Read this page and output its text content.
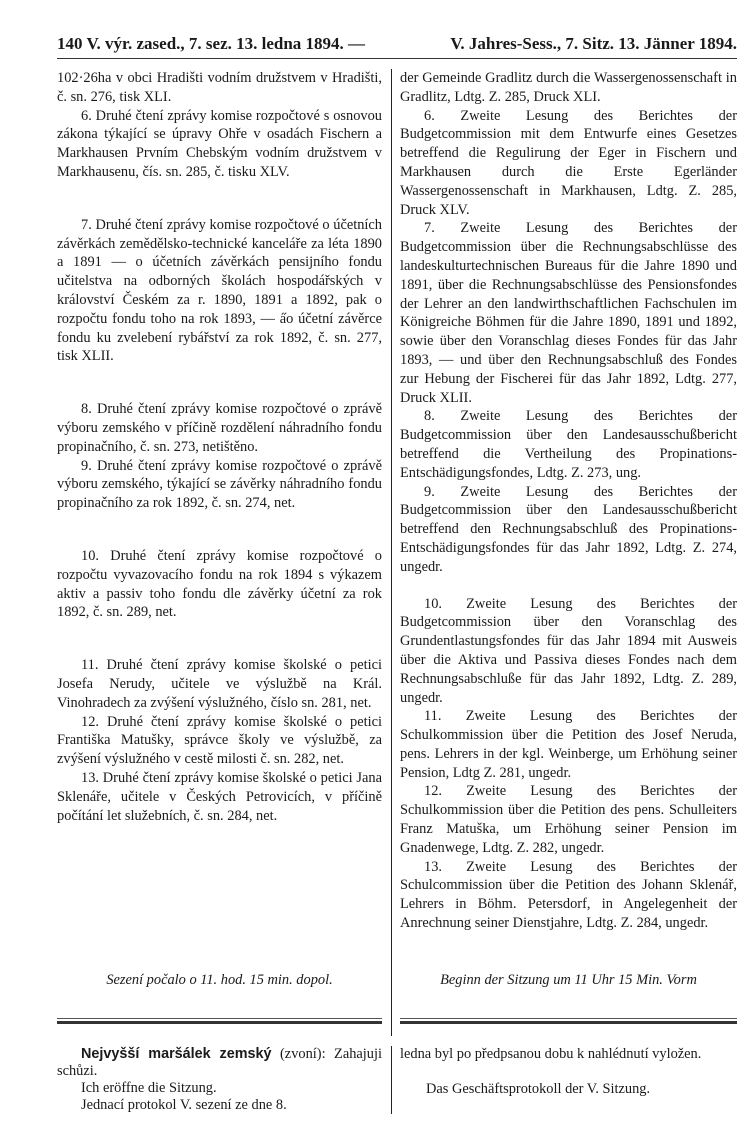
140 V. výr. zased., 7. sez. 13. ledna 1894. —	V. Jahres-Sess., 7. Sitz. 13. Jänner 1894.

102·26ha v obci Hradišti vodním družstvem v Hradišti, č. sn. 276, tisk XLI.

6. Druhé čtení zprávy komise rozpočtové s osnovou zákona týkající se úpravy Ohře v osadách Fischern a Markhausen Prvním Chebským vodním družstvem v Markhausenu, čís. sn. 285, č. tisku XLV.

7. Druhé čtení zprávy komise rozpočtové o účetních závěrkách zemědělsko-technické kanceláře za léta 1890 a 1891 — o účetních závěrkách pensijního fondu učitelstva na odborných školách hospodářských v království Českém za r. 1890, 1891 a 1892, pak o rozpočtu fondu toho na rok 1893, — a̋o účetní závěrce fondu ku zvelebení rybářství za rok 1892, č. sn. 277, tisk XLII.

8. Druhé čtení zprávy komise rozpočtové o zprávě výboru zemského v příčině rozdělení náhradního fondu propinačního, č. sn. 273, netištěno.

9. Druhé čtení zprávy komise rozpočtové o zprávě výboru zemského, týkající se závěrky náhradního fondu propinačního za rok 1892, č. sn. 274, net.

10. Druhé čtení zprávy komise rozpočtové o rozpočtu vyvazovacího fondu na rok 1894 s výkazem aktiv a passiv toho fondu dle závěrky účetní za rok 1892, č. sn. 289, net.

11. Druhé čtení zprávy komise školské o petici Josefa Nerudy, učitele ve výslužbě na Král. Vinohradech za zvýšení výslužného, číslo sn. 281, net.

12. Druhé čtení zprávy komise školské o petici Františka Matušky, správce školy ve výslužbě, za zvýšení výslužného v cestě milosti č. sn. 282, net.

13. Druhé čtení zprávy komise školské o petici Jana Sklenáře, učitele v Českých Petrovicích, v příčině počítání let služebních, č. sn. 284, net.

Sezení počalo o 11. hod. 15 min. dopol.

der Gemeinde Gradlitz durch die Wassergenossenschaft in Gradlitz, Ldtg. Z. 285, Druck XLI.

6. Zweite Lesung des Berichtes der Budgetcommission mit dem Entwurfe eines Gesetzes betreffend die Regulirung der Eger in Fischern und Markhausen durch die Erste Egerländer Wassergenossenschaft in Markhausen, Ldtg. Z. 285, Druck XLV.

7. Zweite Lesung des Berichtes der Budgetcommission über die Rechnungsabschlüsse des landeskulturtechnischen Bureaus für die Jahre 1890 und 1891, über die Rechnungsabschlüsse des Pensionsfondes der Lehrer an den landwirthschaftlichen Fachschulen im Königreiche Böhmen für die Jahre 1890, 1891 und 1892, sowie über den Voranschlag dieses Fondes für das Jahr 1893, — und über den Rechnungsabschluß des Fondes zur Hebung der Fischerei für das Jahr 1892, Ldtg. 277, Druck XLII.

8. Zweite Lesung des Berichtes der Budgetcommission über den Landesausschußbericht betreffend die Vertheilung des Propinations-Entschädigungsfondes, Ldtg. Z. 273, ung.

9. Zweite Lesung des Berichtes der Budgetcommission über den Landesausschußbericht betreffend den Rechnungsabschluß des Propinations-Entschädigungsfondes für das Jahr 1892, Ldtg. Z. 274, ungedr.

10. Zweite Lesung des Berichtes der Budgetcommission über den Voranschlag des Grundentlastungsfondes für das Jahr 1894 mit Ausweis über die Aktiva und Passiva dieses Fondes nach dem Rechnungsabschluße für das Jahr 1892, Ldtg. Z. 289, ungedr.

11. Zweite Lesung des Berichtes der Schulkommission über die Petition des Josef Neruda, pens. Lehrers in der kgl. Weinberge, um Erhöhung seiner Pension, Ldtg Z. 281, ungedr.

12. Zweite Lesung des Berichtes der Schulkommission über die Petition des pens. Schulleiters Franz Matuška, um Erhöhung seiner Pension im Gnadenwege, Ldtg. Z. 282, ungedr.

13. Zweite Lesung des Berichtes der Schulcommission über die Petition des Johann Sklenář, Lehrers in Böhm. Petersdorf, in Angelegenheit der Anrechnung seiner Dienstjahre, Ldtg. Z. 284, ungedr.

Beginn der Sitzung um 11 Uhr 15 Min. Vorm

Nejvyšší maršálek zemský (zvoní): Zahajuji schůzi.

Ich eröffne die Sitzung.

Jednací protokol V. sezení ze dne 8.

ledna byl po předpsanou dobu k nahlédnutí vyložen.

Das Geschäftsprotokoll der V. Sitzung.
